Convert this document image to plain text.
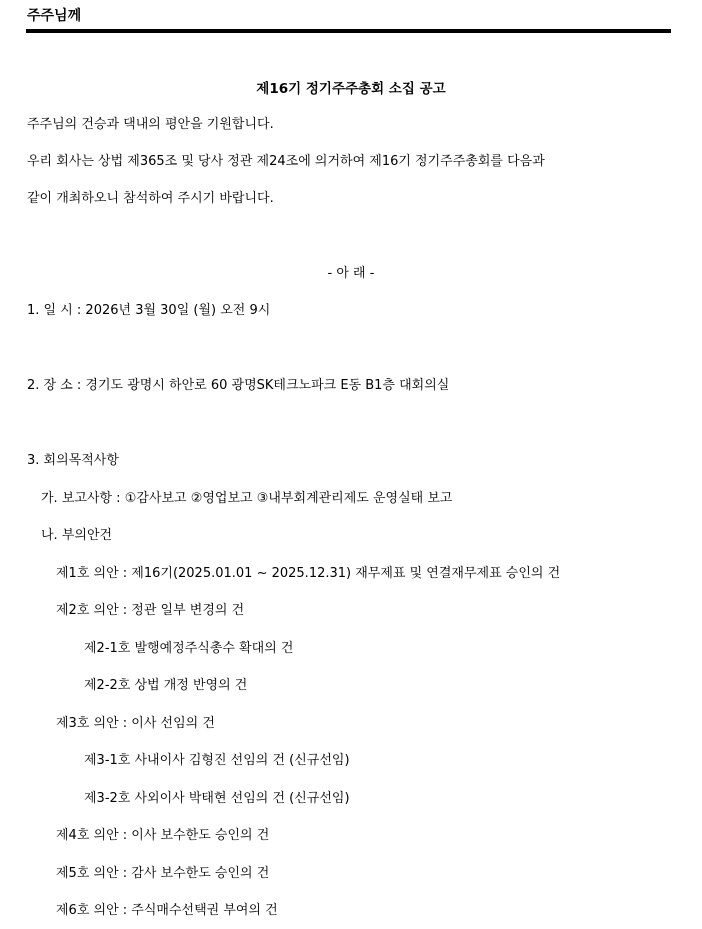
주주님께
제16기 정기주주총회 소집 공고
주주님의 건승과 댁내의 평안을 기원합니다.
우리 회사는 상법 제365조 및 당사 정관 제24조에 의거하여 제16기 정기주주총회를 다음과
같이 개최하오니 참석하여 주시기 바랍니다.
- 아 래 -
1. 일 시 : 2026년 3월 30일 (월) 오전 9시
2. 장 소 : 경기도 광명시 하안로 60 광명SK테크노파크 E동 B1층 대회의실
3. 회의목적사항
가. 보고사항 : ①감사보고 ②영업보고 ③내부회계관리제도 운영실태 보고
나. 부의안건
제1호 의안 : 제16기(2025.01.01 ~ 2025.12.31) 재무제표 및 연결재무제표 승인의 건
제2호 의안 : 정관 일부 변경의 건
제2-1호 발행예정주식총수 확대의 건
제2-2호 상법 개정 반영의 건
제3호 의안 : 이사 선임의 건
제3-1호 사내이사 김형진 선임의 건 (신규선임)
제3-2호 사외이사 박태현 선임의 건 (신규선임)
제4호 의안 : 이사 보수한도 승인의 건
제5호 의안 : 감사 보수한도 승인의 건
제6호 의안 : 주식매수선택권 부여의 건
